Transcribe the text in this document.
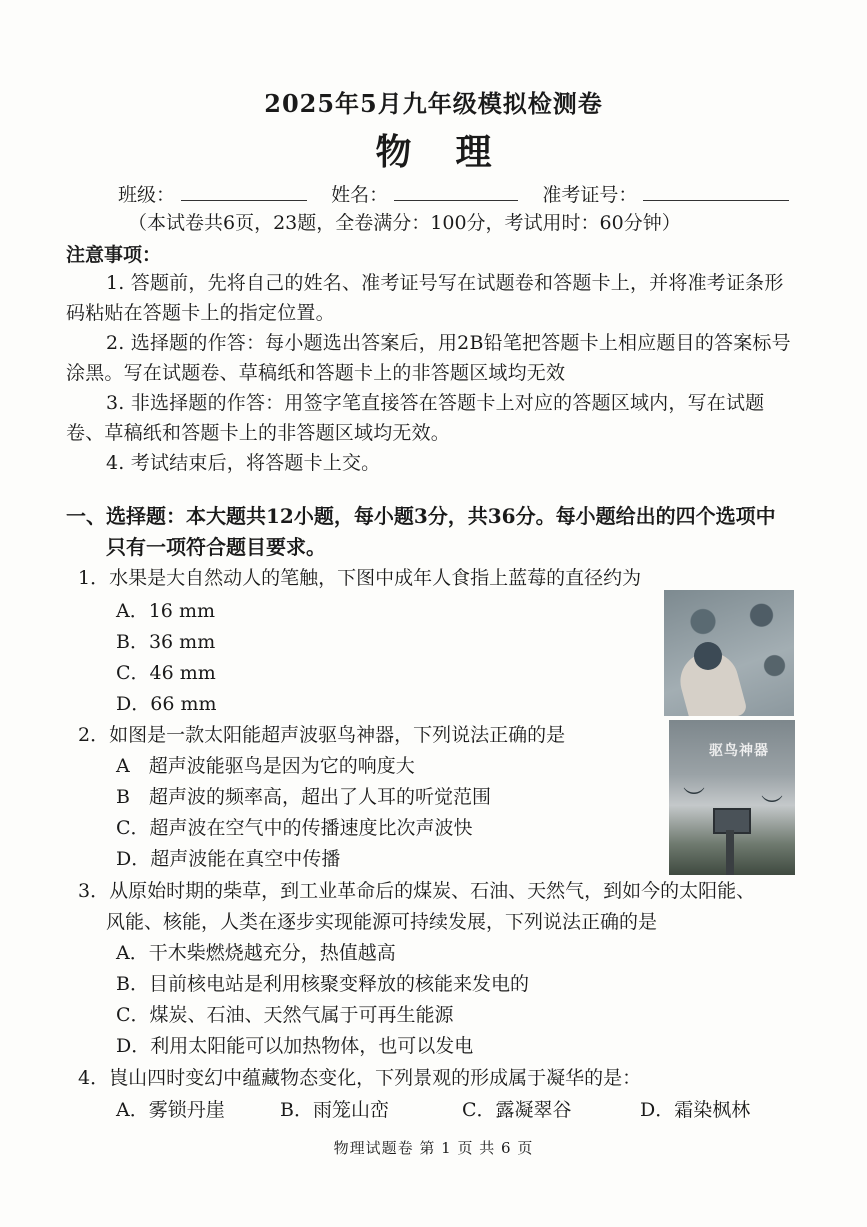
2025年5月九年级模拟检测卷
物理
班级：	姓名：	准考证号：
（本试卷共6页，23题，全卷满分：100分，考试用时：60分钟）
注意事项：
1. 答题前，先将自己的姓名、准考证号写在试题卷和答题卡上，并将准考证条形码粘贴在答题卡上的指定位置。
2. 选择题的作答：每小题选出答案后，用2B铅笔把答题卡上相应题目的答案标号涂黑。写在试题卷、草稿纸和答题卡上的非答题区域均无效
3. 非选择题的作答：用签字笔直接答在答题卡上对应的答题区域内，写在试题卷、草稿纸和答题卡上的非答题区域均无效。
4. 考试结束后，将答题卡上交。
一、选择题：本大题共12小题，每小题3分，共36分。每小题给出的四个选项中
只有一项符合题目要求。
1．水果是大自然动人的笔触，下图中成年人食指上蓝莓的直径约为
A．16 mm
B．36 mm
C．46 mm
D．66 mm
2．如图是一款太阳能超声波驱鸟神器，下列说法正确的是
A　超声波能驱鸟是因为它的响度大
B　超声波的频率高，超出了人耳的听觉范围
C．超声波在空气中的传播速度比次声波快
D．超声波能在真空中传播
驱鸟神器
︶	︶
3．从原始时期的柴草，到工业革命后的煤炭、石油、天然气，到如今的太阳能、
风能、核能，人类在逐步实现能源可持续发展，下列说法正确的是
A．干木柴燃烧越充分，热值越高
B．目前核电站是利用核聚变释放的核能来发电的
C．煤炭、石油、天然气属于可再生能源
D．利用太阳能可以加热物体，也可以发电
4．崀山四时变幻中蕴藏物态变化，下列景观的形成属于凝华的是：
A．雾锁丹崖	B．雨笼山峦	C．露凝翠谷	D．霜染枫林
物理试题卷 第 1 页 共 6 页
